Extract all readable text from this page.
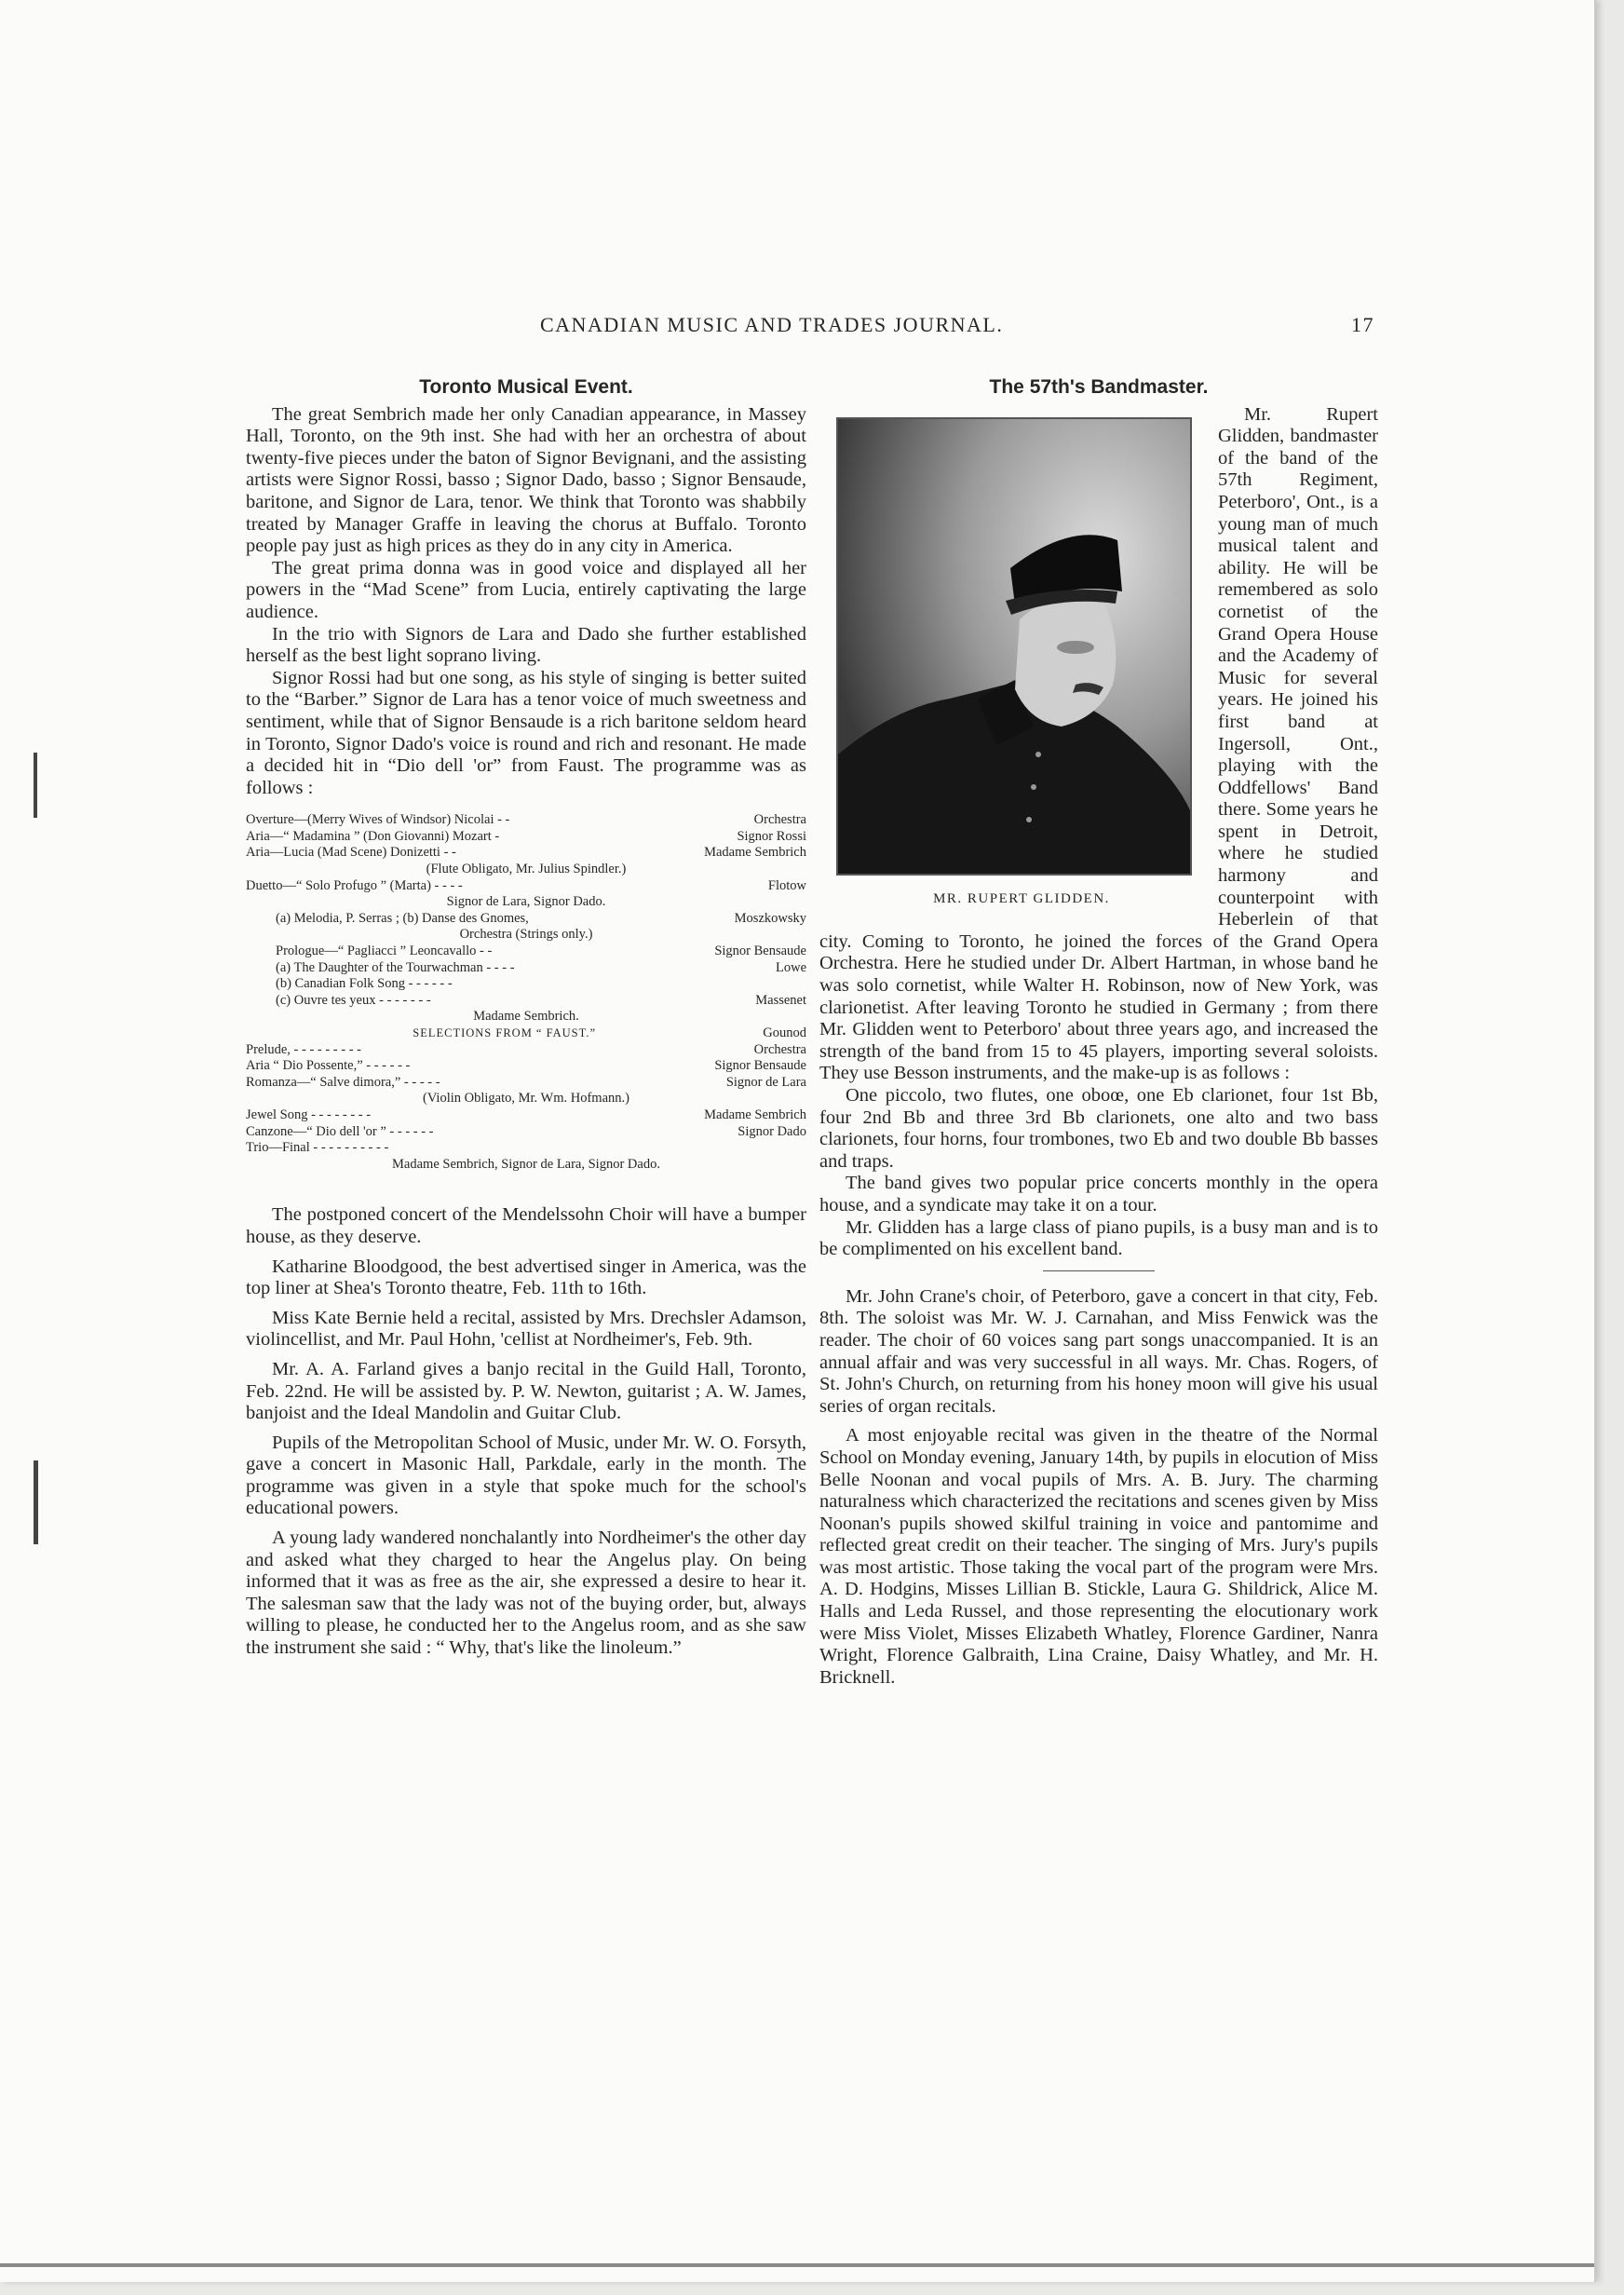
CANADIAN MUSIC AND TRADES JOURNAL.	17
Toronto Musical Event.

The great Sembrich made her only Canadian appearance, in Massey Hall, Toronto, on the 9th inst. She had with her an orchestra of about twenty-five pieces under the baton of Signor Bevignani, and the assisting artists were Signor Rossi, basso ; Signor Dado, basso ; Signor Bensaude, baritone, and Signor de Lara, tenor. We think that Toronto was shabbily treated by Manager Graffe in leaving the chorus at Buffalo. Toronto people pay just as high prices as they do in any city in America.

The great prima donna was in good voice and displayed all her powers in the “Mad Scene” from Lucia, entirely captivating the large audience.

In the trio with Signors de Lara and Dado she further established herself as the best light soprano living.

Signor Rossi had but one song, as his style of singing is better suited to the “Barber.” Signor de Lara has a tenor voice of much sweetness and sentiment, while that of Signor Bensaude is a rich baritone seldom heard in Toronto, Signor Dado's voice is round and rich and resonant. He made a decided hit in “Dio dell 'or” from Faust. The programme was as follows :

Overture—(Merry Wives of Windsor) Nicolai - -	Orchestra
Aria—“ Madamina ” (Don Giovanni) Mozart -	Signor Rossi
Aria—Lucia (Mad Scene) Donizetti - -	Madame Sembrich
(Flute Obligato, Mr. Julius Spindler.)
Duetto—“ Solo Profugo ” (Marta) - - - -	Flotow
Signor de Lara, Signor Dado.
(a) Melodia, P. Serras ; (b) Danse des Gnomes,	Moszkowsky
Orchestra (Strings only.)
Prologue—“ Pagliacci ” Leoncavallo - -	Signor Bensaude
(a) The Daughter of the Tourwachman - - - -	Lowe
(b) Canadian Folk Song - - - - - -
(c) Ouvre tes yeux - - - - - - -	Massenet
Madame Sembrich.
SELECTIONS FROM “ FAUST.”	Gounod
Prelude, - - - - - - - - -	Orchestra
Aria “ Dio Possente,” - - - - - -	Signor Bensaude
Romanza—“ Salve dimora,” - - - - -	Signor de Lara
(Violin Obligato, Mr. Wm. Hofmann.)
Jewel Song - - - - - - - -	Madame Sembrich
Canzone—“ Dio dell 'or ” - - - - - -	Signor Dado
Trio—Final - - - - - - - - - -
Madame Sembrich, Signor de Lara, Signor Dado.

The postponed concert of the Mendelssohn Choir will have a bumper house, as they deserve.

Katharine Bloodgood, the best advertised singer in America, was the top liner at Shea's Toronto theatre, Feb. 11th to 16th.

Miss Kate Bernie held a recital, assisted by Mrs. Drechsler Adamson, violincellist, and Mr. Paul Hohn, 'cellist at Nordheimer's, Feb. 9th.

Mr. A. A. Farland gives a banjo recital in the Guild Hall, Toronto, Feb. 22nd. He will be assisted by. P. W. Newton, guitarist ; A. W. James, banjoist and the Ideal Mandolin and Guitar Club.

Pupils of the Metropolitan School of Music, under Mr. W. O. Forsyth, gave a concert in Masonic Hall, Parkdale, early in the month. The programme was given in a style that spoke much for the school's educational powers.

A young lady wandered nonchalantly into Nordheimer's the other day and asked what they charged to hear the Angelus play. On being informed that it was as free as the air, she expressed a desire to hear it. The salesman saw that the lady was not of the buying order, but, always willing to please, he conducted her to the Angelus room, and as she saw the instrument she said : “ Why, that's like the linoleum.”

The 57th's Bandmaster.
MR. RUPERT GLIDDEN.

Mr. Rupert Glidden, bandmaster of the band of the 57th Regiment, Peterboro', Ont., is a young man of much musical talent and ability. He will be remembered as solo cornetist of the Grand Opera House and the Academy of Music for several years. He joined his first band at Ingersoll, Ont., playing with the Oddfellows' Band there. Some years he spent in Detroit, where he studied harmony and counterpoint with Heberlein of that city. Coming to Toronto, he joined the forces of the Grand Opera Orchestra. Here he studied under Dr. Albert Hartman, in whose band he was solo cornetist, while Walter H. Robinson, now of New York, was clarionetist. After leaving Toronto he studied in Germany ; from there Mr. Glidden went to Peterboro' about three years ago, and increased the strength of the band from 15 to 45 players, importing several soloists. They use Besson instruments, and the make-up is as follows :

One piccolo, two flutes, one oboœ, one Eb clarionet, four 1st Bb, four 2nd Bb and three 3rd Bb clarionets, one alto and two bass clarionets, four horns, four trombones, two Eb and two double Bb basses and traps.

The band gives two popular price concerts monthly in the opera house, and a syndicate may take it on a tour.

Mr. Glidden has a large class of piano pupils, is a busy man and is to be complimented on his excellent band.

Mr. John Crane's choir, of Peterboro, gave a concert in that city, Feb. 8th. The soloist was Mr. W. J. Carnahan, and Miss Fenwick was the reader. The choir of 60 voices sang part songs unaccompanied. It is an annual affair and was very successful in all ways. Mr. Chas. Rogers, of St. John's Church, on returning from his honey moon will give his usual series of organ recitals.

A most enjoyable recital was given in the theatre of the Normal School on Monday evening, January 14th, by pupils in elocution of Miss Belle Noonan and vocal pupils of Mrs. A. B. Jury. The charming naturalness which characterized the recitations and scenes given by Miss Noonan's pupils showed skilful training in voice and pantomime and reflected great credit on their teacher. The singing of Mrs. Jury's pupils was most artistic. Those taking the vocal part of the program were Mrs. A. D. Hodgins, Misses Lillian B. Stickle, Laura G. Shildrick, Alice M. Halls and Leda Russel, and those representing the elocutionary work were Miss Violet, Misses Elizabeth Whatley, Florence Gardiner, Nanra Wright, Florence Galbraith, Lina Craine, Daisy Whatley, and Mr. H. Bricknell.
